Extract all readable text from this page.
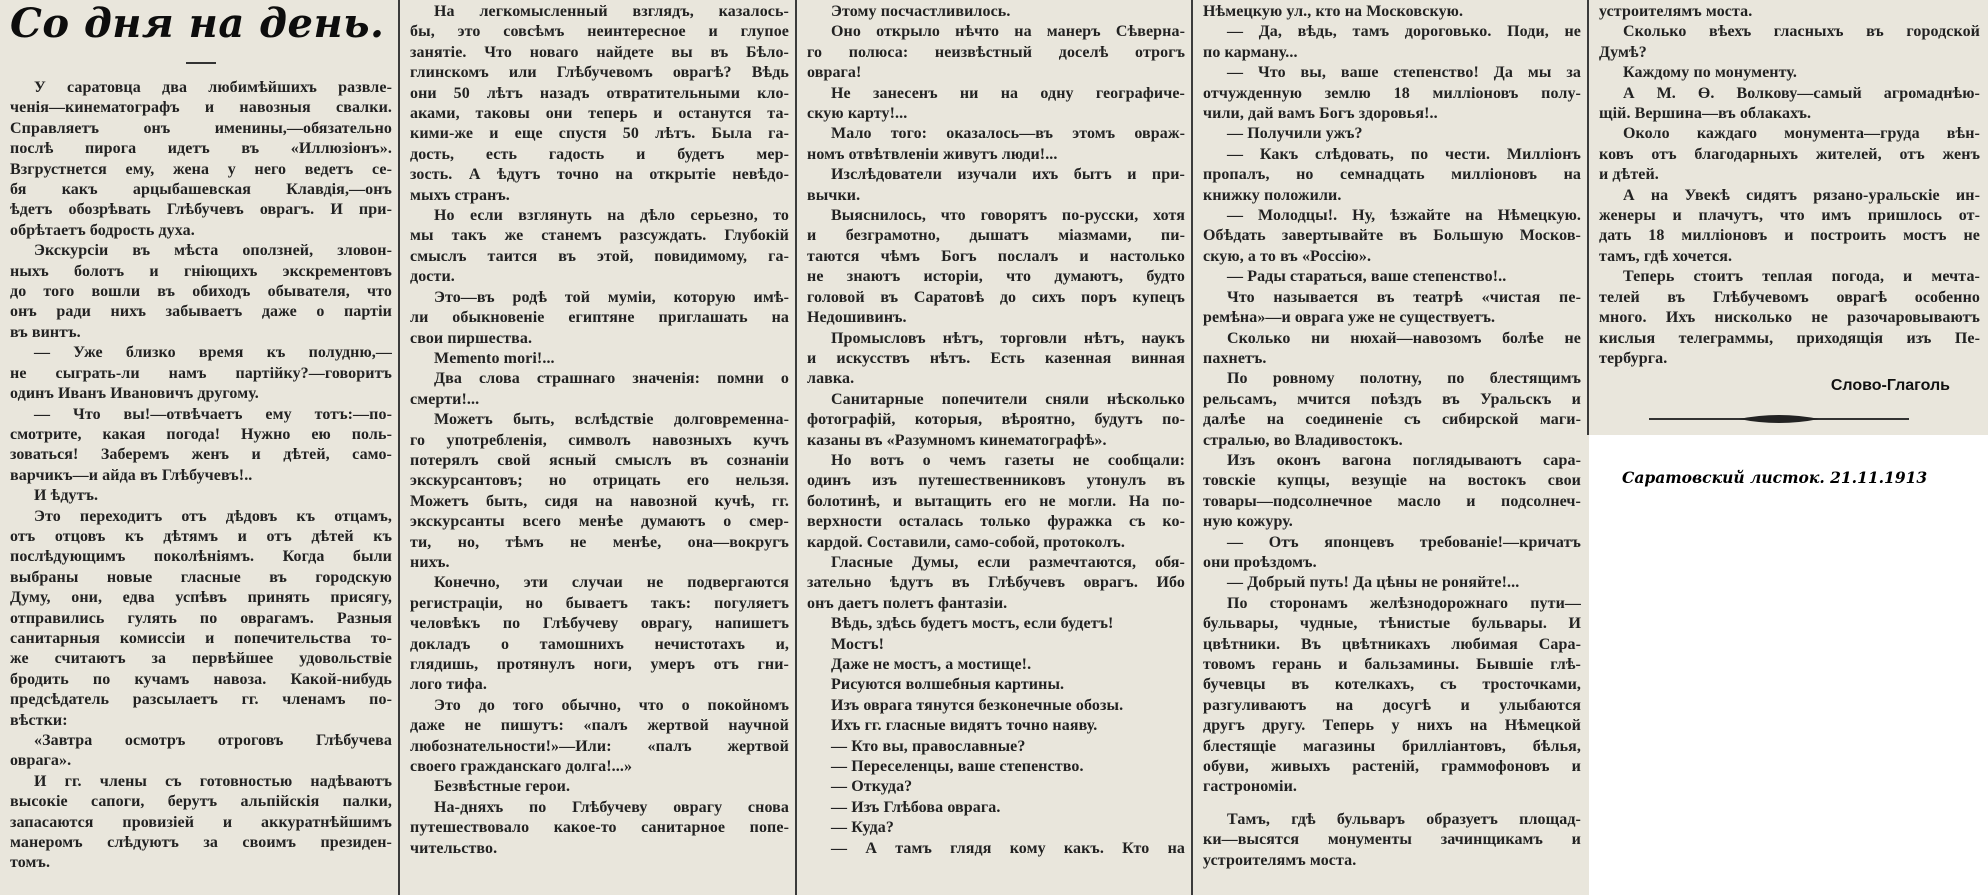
Со дня на день.
У саратовца два любимѣйшихъ развле-
ченія—кинематографъ и навозныя свалки.
Справляетъ онъ именины,—обязательно
послѣ пирога идетъ въ «Иллюзіонъ».
Взгрустнется ему, жена у него ведетъ се-
бя какъ арцыбашевская Клавдія,—онъ
ѣдетъ обозрѣвать Глѣбучевъ оврагъ. И при-
обрѣтаетъ бодрость духа.
Экскурсіи въ мѣста оползней, зловон-
ныхъ болотъ и гніющихъ экскрементовъ
до того вошли въ обиходъ обывателя, что
онъ ради нихъ забываетъ даже о партіи
въ винтъ.
— Уже близко время къ полудню,—
не сыграть-ли намъ партійку?—говоритъ
одинъ Иванъ Ивановичъ другому.
— Что вы!—отвѣчаетъ ему тотъ:—по-
смотрите, какая погода! Нужно ею поль-
зоваться! Заберемъ женъ и дѣтей, само-
варчикъ—и айда въ Глѣбучевъ!..
И ѣдутъ.
Это переходитъ отъ дѣдовъ къ отцамъ,
отъ отцовъ къ дѣтямъ и отъ дѣтей къ
послѣдующимъ поколѣніямъ. Когда были
выбраны новые гласные въ городскую
Думу, они, едва успѣвъ принять присягу,
отправились гулять по оврагамъ. Разныя
санитарныя комиссіи и попечительства то-
же считаютъ за первѣйшее удовольствіе
бродить по кучамъ навоза. Какой-нибудь
предсѣдатель разсылаетъ гг. членамъ по-
вѣстки:
«Завтра осмотръ отроговъ Глѣбучева
оврага».
И гг. члены съ готовностью надѣваютъ
высокіе сапоги, берутъ альпійскія палки,
запасаются провизіей и аккуратнѣйшимъ
манеромъ слѣдуютъ за своимъ президен-
томъ.
На легкомысленный взглядъ, казалось-
бы, это совсѣмъ неинтересное и глупое
занятіе. Что новаго найдете вы въ Бѣло-
глинскомъ или Глѣбучевомъ оврагѣ? Вѣдь
они 50 лѣтъ назадъ отвратительными кло-
аками, таковы они теперь и останутся та-
кими-же и еще спустя 50 лѣтъ. Была га-
дость, есть гадость и будетъ мер-
зость. А ѣдутъ точно на открытіе невѣдо-
мыхъ странъ.
Но если взглянуть на дѣло серьезно, то
мы такъ же станемъ разсуждать. Глубокій
смыслъ таится въ этой, повидимому, га-
дости.
Это—въ родѣ той муміи, которую имѣ-
ли обыкновеніе египтяне приглашать на
свои пиршества.
Memento mori!...
Два слова страшнаго значенія: помни о
смерти!...
Можетъ быть, вслѣдствіе долговременна-
го употребленія, символъ навозныхъ кучъ
потерялъ свой ясный смыслъ въ сознаніи
экскурсантовъ; но отрицать его нельзя.
Можетъ быть, сидя на навозной кучѣ, гг.
экскурсанты всего менѣе думаютъ о смер-
ти, но, тѣмъ не менѣе, она—вокругъ
нихъ.
Конечно, эти случаи не подвергаются
регистраціи, но бываетъ такъ: погуляетъ
человѣкъ по Глѣбучеву оврагу, напишетъ
докладъ о тамошнихъ нечистотахъ и,
глядишь, протянулъ ноги, умеръ отъ гни-
лого тифа.
Это до того обычно, что о покойномъ
даже не пишутъ: «палъ жертвой научной
любознательности!»—Или: «палъ жертвой
своего гражданскаго долга!...»
Безвѣстные герои.
На-дняхъ по Глѣбучеву оврагу снова
путешествовало какое-то санитарное попе-
чительство.
Этому посчастливилось.
Оно открыло нѣчто на манеръ Сѣверна-
го полюса: неизвѣстный доселѣ отрогъ
оврага!
Не занесенъ ни на одну географиче-
скую карту!...
Мало того: оказалось—въ этомъ оврaж-
номъ отвѣтвленіи живутъ люди!...
Изслѣдователи изучали ихъ бытъ и при-
вычки.
Выяснилось, что говорятъ по-русски, хотя
и безграмотно, дышатъ міазмами, пи-
таются чѣмъ Богъ послалъ и настолько
не знаютъ исторіи, что думаютъ, будто
головой въ Саратовѣ до сихъ поръ купецъ
Недошивинъ.
Промысловъ нѣтъ, торговли нѣтъ, наукъ
и искусствъ нѣтъ. Есть казенная винная
лавка.
Санитарные попечители сняли нѣсколько
фотографій, которыя, вѣроятно, будутъ по-
казаны въ «Разумномъ кинематографѣ».
Но вотъ о чемъ газеты не сообщали:
одинъ изъ путешественниковъ утонулъ въ
болотинѣ, и вытащить его не могли. На по-
верхности осталась только фуражка съ ко-
кардой. Составили, само-собой, протоколъ.
Гласные Думы, если размечтаются, обя-
зательно ѣдутъ въ Глѣбучевъ оврагъ. Ибо
онъ даетъ полетъ фантазіи.
Вѣдь, здѣсь будетъ мостъ, если будетъ!
Мостъ!
Даже не мостъ, а мостище!.
Рисуются волшебныя картины.
Изъ оврага тянутся безконечные обозы.
Ихъ гг. гласные видятъ точно наяву.
— Кто вы, православные?
— Переселенцы, ваше степенство.
— Откуда?
— Изъ Глѣбова оврага.
— Куда?
— А тамъ глядя кому какъ. Кто на
Нѣмецкую ул., кто на Московскую.
— Да, вѣдь, тамъ дороговько. Поди, не
по карману...
— Что вы, ваше степенство! Да мы за
отчужденную землю 18 милліоновъ полу-
чили, дай вамъ Богъ здоровья!..
— Получили ужъ?
— Какъ слѣдовать, по чести. Милліонъ
пропалъ, но семнадцать милліоновъ на
книжку положили.
— Молодцы!. Ну, ѣзжайте на Нѣмецкую.
Обѣдать завертывайте въ Большую Москов-
скую, а то въ «Россію».
— Рады стараться, ваше степенство!..
Что называется въ театрѣ «чистая пе-
ремѣна»—и оврага уже не существуетъ.
Сколько ни нюхай—навозомъ болѣе не
пахнетъ.
По ровному полотну, по блестящимъ
рельсамъ, мчится поѣздъ въ Уральскъ и
далѣе на соединеніе съ сибирской маги-
стралью, во Владивостокъ.
Изъ оконъ вагона поглядываютъ сара-
товскіе купцы, везущіе на востокъ свои
товары—подсолнечное масло и подсолнеч-
ную кожуру.
— Отъ японцевъ требованіе!—кричатъ
они проѣздомъ.
— Добрый путь! Да цѣны не роняйте!...
По сторонамъ желѣзнодорожнаго пути—
бульвары, чудные, тѣнистые бульвары. И
цвѣтники. Въ цвѣтникахъ любимая Сара-
товомъ герань и бальзамины. Бывшіе глѣ-
бучевцы въ котелкахъ, съ тросточками,
разгуливаютъ на досугѣ и улыбаются
другъ другу. Теперь у нихъ на Нѣмецкой
блестящіе магазины бриллiантовъ, бѣлья,
обуви, живыхъ растеній, граммофоновъ и
гастрономіи.
Тамъ, гдѣ бульваръ образуетъ площад-
ки—высятся монументы зачинщикамъ и
устроителямъ моста.
устроителямъ моста.
Сколько вѣехъ гласныхъ въ городской
Думѣ?
Каждому по монументу.
А М. Ө. Волкову—самый агромаднѣю-
щій. Вершина—въ облакахъ.
Около каждаго монумента—груда вѣн-
ковъ отъ благодарныхъ жителей, отъ женъ
и дѣтей.
А на Увекѣ сидятъ рязано-уральскіе ин-
женеры и плачутъ, что имъ пришлось от-
дать 18 милліоновъ и построить мостъ не
тамъ, гдѣ хочется.
Теперь стоитъ теплая погода, и мечта-
телей въ Глѣбучевомъ оврагѣ особенно
много. Ихъ нисколько не разочаровываютъ
кислыя телеграммы, приходящія изъ Пе-
тербурга.
Слово-Глаголь
Саратовский листок. 21.11.1913
